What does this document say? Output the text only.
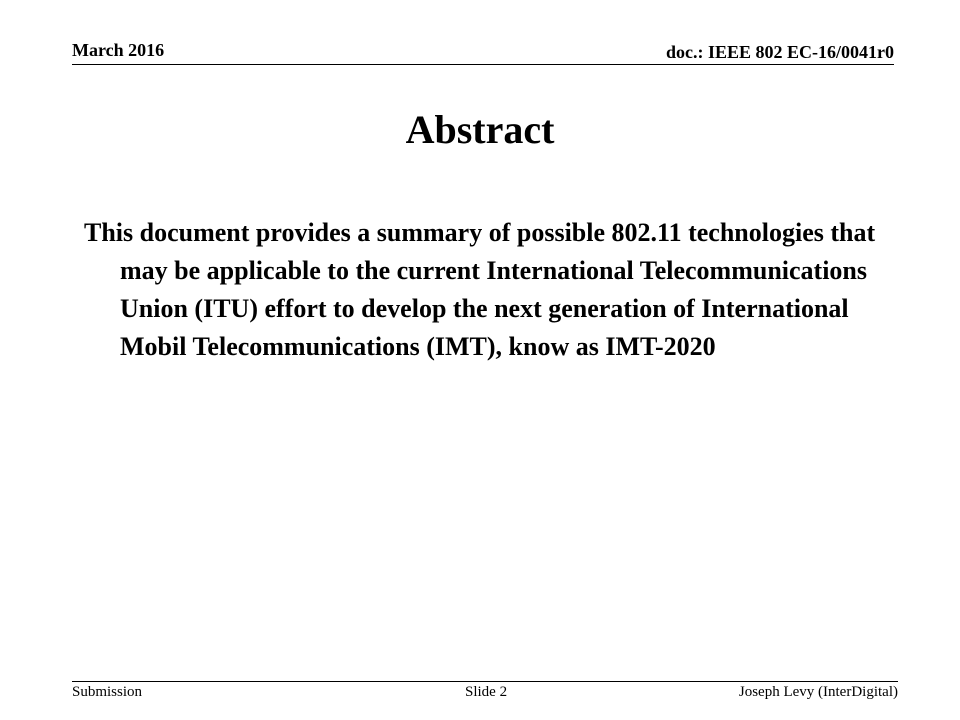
March 2016	doc.: IEEE 802 EC-16/0041r0
Abstract

This document provides a summary of possible 802.11 technologies that may be applicable to the current International Telecommunications Union (ITU) effort to develop the next generation of International Mobil Telecommunications (IMT), know as IMT-2020

Submission	Slide 2	Joseph Levy (InterDigital)
